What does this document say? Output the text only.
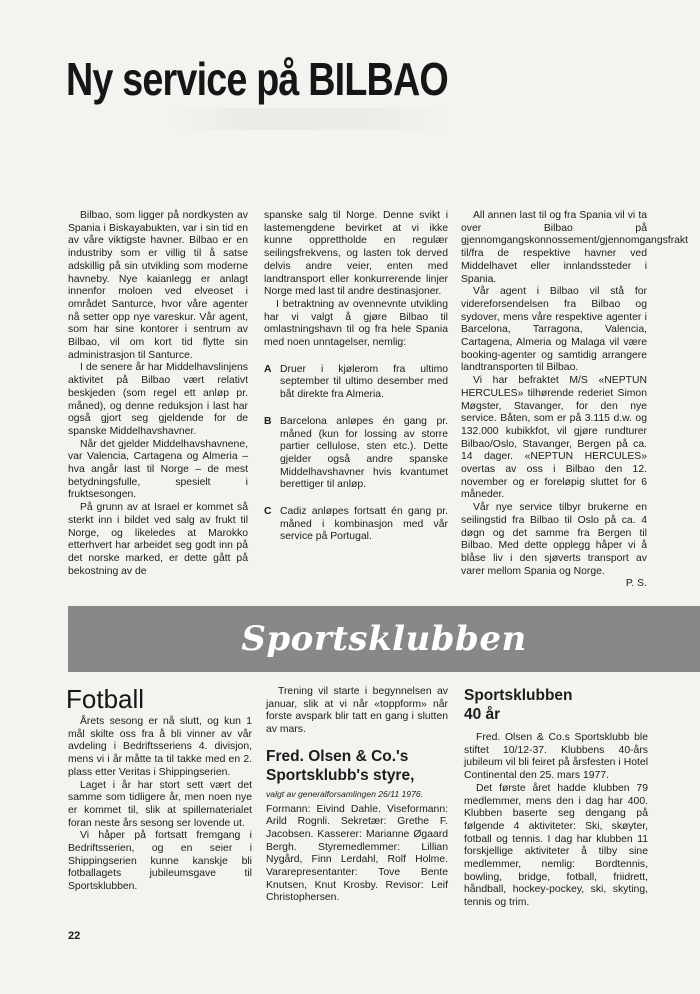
Ny service på BILBAO

Bilbao, som ligger på nordkysten av Spania i Biskayabukten, var i sin tid en av våre viktigste havner. Bilbao er en industriby som er villig til å satse adskillig på sin utvikling som moderne havneby. Nye kaianlegg er anlagt innenfor moloen ved elveoset i området Santurce, hvor våre agenter nå setter opp nye vareskur. Vår agent, som har sine kontorer i sentrum av Bilbao, vil om kort tid flytte sin administrasjon til Santurce.

I de senere år har Middelhavslinjens aktivitet på Bilbao vært relativt beskjeden (som regel ett anløp pr. måned), og denne reduksjon i last har også gjort seg gjeldende for de spanske Middelhavshavner.

Når det gjelder Middelhavshavnene, var Valencia, Cartagena og Almeria – hva angår last til Norge – de mest betydningsfulle, spesielt i fruktsesongen.

På grunn av at Israel er kommet så sterkt inn i bildet ved salg av frukt til Norge, og likeledes at Marokko etterhvert har arbeidet seg godt inn på det norske marked, er dette gått på bekostning av de

spanske salg til Norge. Denne svikt i lastemengdene bevirket at vi ikke kunne opprettholde en regulær seilingsfrekvens, og lasten tok derved delvis andre veier, enten med landtransport eller konkurrerende linjer Norge med last til andre destinasjoner.

I betraktning av ovennevnte utvikling har vi valgt å gjøre Bilbao til omlastningshavn til og fra hele Spania med noen unntagelser, nemlig:

A Druer i kjølerom fra ultimo september til ultimo desember med båt direkte fra Almeria.
B Barcelona anløpes én gang pr. måned (kun for lossing av storre partier cellulose, sten etc.). Dette gjelder også andre spanske Middelhavshavner hvis kvantumet berettiger til anløp.
C Cadiz anløpes fortsatt én gang pr. måned i kombinasjon med vår service på Portugal.

All annen last til og fra Spania vil vi ta over Bilbao på gjennomgangskonnossement/gjennomgangsfrakt til/fra de respektive havner ved Middelhavet eller innlandssteder i Spania.

Vår agent i Bilbao vil stå for videreforsendelsen fra Bilbao og sydover, mens våre respektive agenter i Barcelona, Tarragona, Valencia, Cartagena, Almeria og Malaga vil være booking-agenter og samtidig arrangere landtransporten til Bilbao.

Vi har befraktet M/S «NEPTUN HERCULES» tilhørende rederiet Simon Møgster, Stavanger, for den nye service. Båten, som er på 3.115 d.w. og 132.000 kubikkfot, vil gjøre rundturer Bilbao/Oslo, Stavanger, Bergen på ca. 14 dager. «NEPTUN HERCULES» overtas av oss i Bilbao den 12. november og er foreløpig sluttet for 6 måneder.

Vår nye service tilbyr brukerne en seilingstid fra Bilbao til Oslo på ca. 4 døgn og det samme fra Bergen til Bilbao. Med dette opplegg håper vi å blåse liv i den sjøverts transport av varer mellom Spania og Norge.

P. S.
Sportsklubben
Fotball

Årets sesong er nå slutt, og kun 1 mål skilte oss fra å bli vinner av vår avdeling i Bedriftsseriens 4. divisjon, mens vi i år måtte ta til takke med en 2. plass etter Veritas i Shippingserien.

Laget i år har stort sett vært det samme som tidligere år, men noen nye er kommet til, slik at spillematerialet foran neste års sesong ser lovende ut.

Vi håper på fortsatt fremgang i Bedriftsserien, og en seier i Shippingserien kunne kanskje bli fotballagets jubileumsgave til Sportsklubben.

Trening vil starte i begynnelsen av januar, slik at vi når «toppform» når forste avspark blir tatt en gang i slutten av mars.

Fred. Olsen & Co.'s Sportsklubb's styre,
valgt av generalforsamlingen 26/11 1976.

Formann: Eivind Dahle. Viseformann: Arild Rognli. Sekretær: Grethe F. Jacobsen. Kasserer: Marianne Øgaard Bergh. Styremedlemmer: Lillian Nygård, Finn Lerdahl, Rolf Holme. Vararepresentanter: Tove Bente Knutsen, Knut Krosby. Revisor: Leif Christophersen.

Sportsklubben
40 år

Fred. Olsen & Co.s Sportsklubb ble stiftet 10/12-37. Klubbens 40-års jubileum vil bli feiret på årsfesten i Hotel Continental den 25. mars 1977.

Det første året hadde klubben 79 medlemmer, mens den i dag har 400. Klubben baserte seg dengang på følgende 4 aktiviteter: Ski, skøyter, fotball og tennis. I dag har klubben 11 forskjellige aktiviteter å tilby sine medlemmer, nemlig: Bordtennis, bowling, bridge, fotball, friidrett, håndball, hockey-pockey, ski, skyting, tennis og trim.

22
